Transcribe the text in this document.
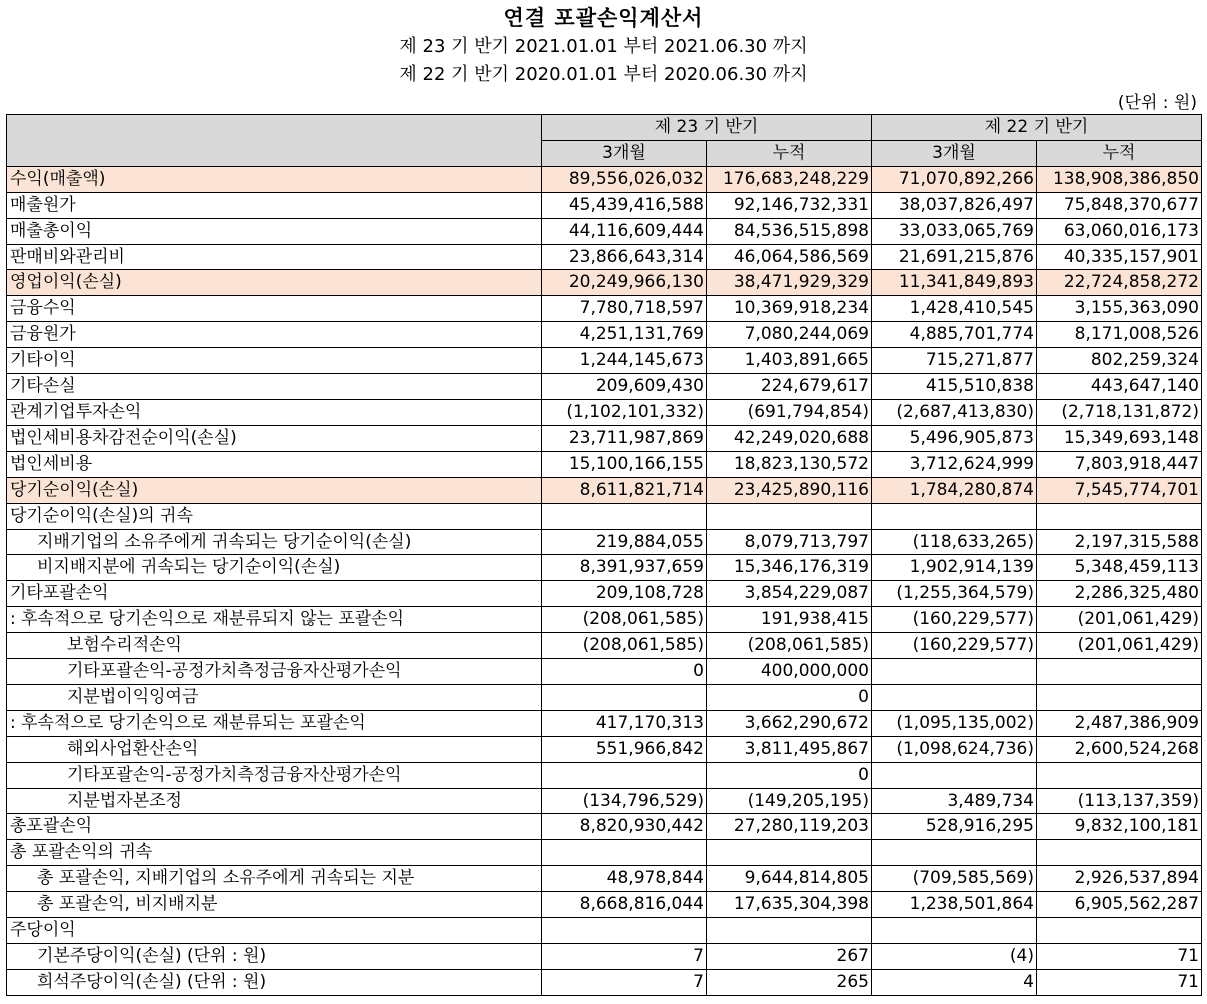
연결 포괄손익계산서
제 23 기 반기 2021.01.01 부터 2021.06.30 까지
제 22 기 반기 2020.01.01 부터 2020.06.30 까지
(단위 : 원)
	제 23 기 반기		제 22 기 반기	
	3개월	누적	3개월	누적
수익(매출액)	89,556,026,032	176,683,248,229	71,070,892,266	138,908,386,850
매출원가	45,439,416,588	92,146,732,331	38,037,826,497	75,848,370,677
매출총이익	44,116,609,444	84,536,515,898	33,033,065,769	63,060,016,173
판매비와관리비	23,866,643,314	46,064,586,569	21,691,215,876	40,335,157,901
영업이익(손실)	20,249,966,130	38,471,929,329	11,341,849,893	22,724,858,272
금융수익	7,780,718,597	10,369,918,234	1,428,410,545	3,155,363,090
금융원가	4,251,131,769	7,080,244,069	4,885,701,774	8,171,008,526
기타이익	1,244,145,673	1,403,891,665	715,271,877	802,259,324
기타손실	209,609,430	224,679,617	415,510,838	443,647,140
관계기업투자손익	(1,102,101,332)	(691,794,854)	(2,687,413,830)	(2,718,131,872)
법인세비용차감전순이익(손실)	23,711,987,869	42,249,020,688	5,496,905,873	15,349,693,148
법인세비용	15,100,166,155	18,823,130,572	3,712,624,999	7,803,918,447
당기순이익(손실)	8,611,821,714	23,425,890,116	1,784,280,874	7,545,774,701
당기순이익(손실)의 귀속				
지배기업의 소유주에게 귀속되는 당기순이익(손실)	219,884,055	8,079,713,797	(118,633,265)	2,197,315,588
비지배지분에 귀속되는 당기순이익(손실)	8,391,937,659	15,346,176,319	1,902,914,139	5,348,459,113
기타포괄손익	209,108,728	3,854,229,087	(1,255,364,579)	2,286,325,480
: 후속적으로 당기손익으로 재분류되지 않는 포괄손익	(208,061,585)	191,938,415	(160,229,577)	(201,061,429)
보험수리적손익	(208,061,585)	(208,061,585)	(160,229,577)	(201,061,429)
기타포괄손익-공정가치측정금융자산평가손익	0	400,000,000		
지분법이익잉여금		0		
: 후속적으로 당기손익으로 재분류되는 포괄손익	417,170,313	3,662,290,672	(1,095,135,002)	2,487,386,909
해외사업환산손익	551,966,842	3,811,495,867	(1,098,624,736)	2,600,524,268
기타포괄손익-공정가치측정금융자산평가손익		0		
지분법자본조정	(134,796,529)	(149,205,195)	3,489,734	(113,137,359)
총포괄손익	8,820,930,442	27,280,119,203	528,916,295	9,832,100,181
총 포괄손익의 귀속				
총 포괄손익, 지배기업의 소유주에게 귀속되는 지분	48,978,844	9,644,814,805	(709,585,569)	2,926,537,894
총 포괄손익, 비지배지분	8,668,816,044	17,635,304,398	1,238,501,864	6,905,562,287
주당이익				
기본주당이익(손실) (단위 : 원)	7	267	(4)	71
희석주당이익(손실) (단위 : 원)	7	265	4	71
